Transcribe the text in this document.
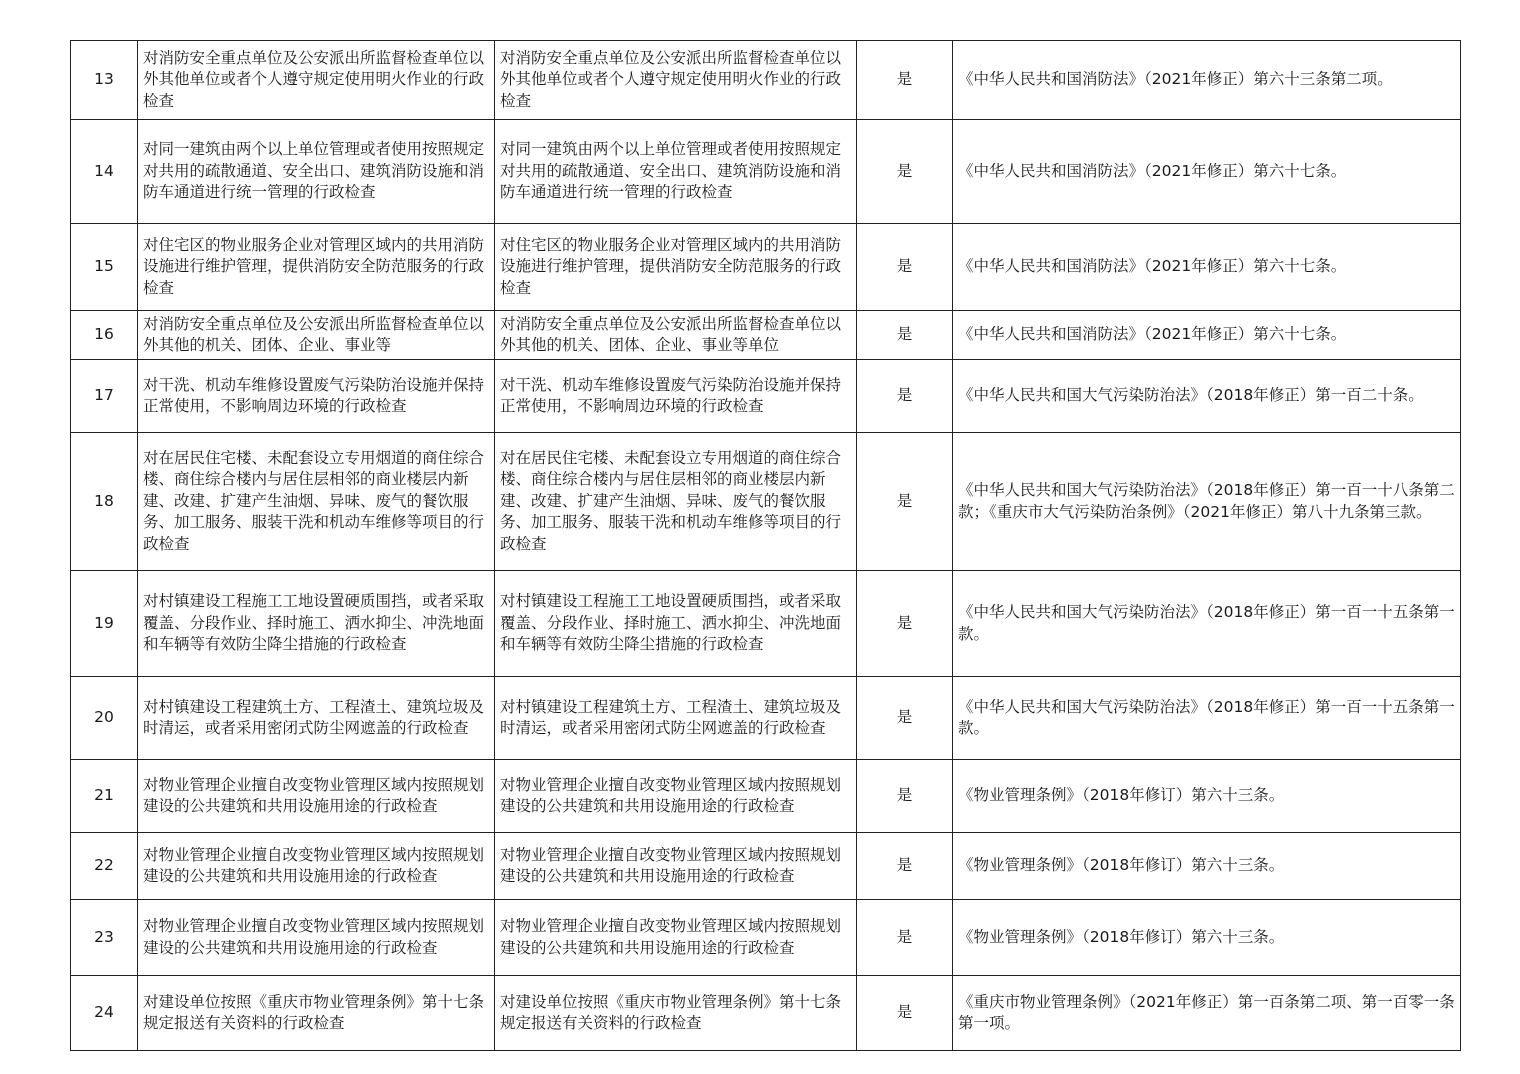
13	对消防安全重点单位及公安派出所监督检查单位以外其他单位或者个人遵守规定使用明火作业的行政检查	对消防安全重点单位及公安派出所监督检查单位以外其他单位或者个人遵守规定使用明火作业的行政检查	是	《中华人民共和国消防法》（2021年修正）第六十三条第二项。
14	对同一建筑由两个以上单位管理或者使用按照规定对共用的疏散通道、安全出口、建筑消防设施和消防车通道进行统一管理的行政检查	对同一建筑由两个以上单位管理或者使用按照规定对共用的疏散通道、安全出口、建筑消防设施和消防车通道进行统一管理的行政检查	是	《中华人民共和国消防法》（2021年修正）第六十七条。
15	对住宅区的物业服务企业对管理区域内的共用消防设施进行维护管理，提供消防安全防范服务的行政检查	对住宅区的物业服务企业对管理区域内的共用消防设施进行维护管理，提供消防安全防范服务的行政检查	是	《中华人民共和国消防法》（2021年修正）第六十七条。
16	对消防安全重点单位及公安派出所监督检查单位以外其他的机关、团体、企业、事业等	对消防安全重点单位及公安派出所监督检查单位以外其他的机关、团体、企业、事业等单位	是	《中华人民共和国消防法》（2021年修正）第六十七条。
17	对干洗、机动车维修设置废气污染防治设施并保持正常使用，不影响周边环境的行政检查	对干洗、机动车维修设置废气污染防治设施并保持正常使用，不影响周边环境的行政检查	是	《中华人民共和国大气污染防治法》（2018年修正）第一百二十条。
18	对在居民住宅楼、未配套设立专用烟道的商住综合楼、商住综合楼内与居住层相邻的商业楼层内新建、改建、扩建产生油烟、异味、废气的餐饮服务、加工服务、服装干洗和机动车维修等项目的行政检查	对在居民住宅楼、未配套设立专用烟道的商住综合楼、商住综合楼内与居住层相邻的商业楼层内新建、改建、扩建产生油烟、异味、废气的餐饮服务、加工服务、服装干洗和机动车维修等项目的行政检查	是	《中华人民共和国大气污染防治法》（2018年修正）第一百一十八条第二款；《重庆市大气污染防治条例》（2021年修正）第八十九条第三款。
19	对村镇建设工程施工工地设置硬质围挡，或者采取覆盖、分段作业、择时施工、洒水抑尘、冲洗地面和车辆等有效防尘降尘措施的行政检查	对村镇建设工程施工工地设置硬质围挡，或者采取覆盖、分段作业、择时施工、洒水抑尘、冲洗地面和车辆等有效防尘降尘措施的行政检查	是	《中华人民共和国大气污染防治法》（2018年修正）第一百一十五条第一款。
20	对村镇建设工程建筑土方、工程渣土、建筑垃圾及时清运，或者采用密闭式防尘网遮盖的行政检查	对村镇建设工程建筑土方、工程渣土、建筑垃圾及时清运，或者采用密闭式防尘网遮盖的行政检查	是	《中华人民共和国大气污染防治法》（2018年修正）第一百一十五条第一款。
21	对物业管理企业擅自改变物业管理区域内按照规划建设的公共建筑和共用设施用途的行政检查	对物业管理企业擅自改变物业管理区域内按照规划建设的公共建筑和共用设施用途的行政检查	是	《物业管理条例》（2018年修订）第六十三条。
22	对物业管理企业擅自改变物业管理区域内按照规划建设的公共建筑和共用设施用途的行政检查	对物业管理企业擅自改变物业管理区域内按照规划建设的公共建筑和共用设施用途的行政检查	是	《物业管理条例》（2018年修订）第六十三条。
23	对物业管理企业擅自改变物业管理区域内按照规划建设的公共建筑和共用设施用途的行政检查	对物业管理企业擅自改变物业管理区域内按照规划建设的公共建筑和共用设施用途的行政检查	是	《物业管理条例》（2018年修订）第六十三条。
24	对建设单位按照《重庆市物业管理条例》第十七条规定报送有关资料的行政检查	对建设单位按照《重庆市物业管理条例》第十七条规定报送有关资料的行政检查	是	《重庆市物业管理条例》（2021年修正）第一百条第二项、第一百零一条第一项。
